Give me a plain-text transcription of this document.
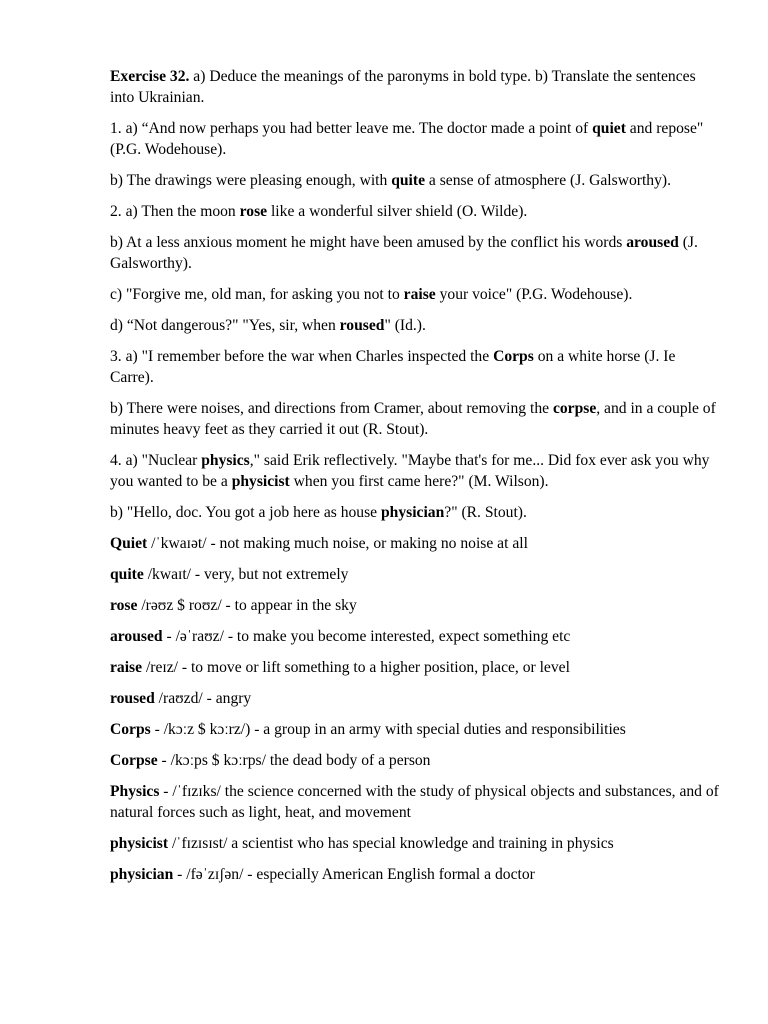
Exercise 32. a) Deduce the meanings of the paronyms in bold type. b) Translate the sentences into Ukrainian.

1. a) “And now perhaps you had better leave me. The doctor made a point of quiet and repose" (P.G. Wodehouse).

b) The drawings were pleasing enough, with quite a sense of atmosphere (J. Galsworthy).

2. a) Then the moon rose like a wonderful silver shield (O. Wilde).

b) At a less anxious moment he might have been amused by the conflict his words aroused (J. Galsworthy).

c) "Forgive me, old man, for asking you not to raise your voice" (P.G. Wodehouse).

d) “Not dangerous?" "Yes, sir, when roused" (Id.).

3. a) "I remember before the war when Charles inspected the Corps on a white horse (J. Ie Carre).

b) There were noises, and directions from Cramer, about removing the corpse, and in a couple of minutes heavy feet as they carried it out (R. Stout).

4. a) "Nuclear physics," said Erik reflectively. "Maybe that's for me... Did fox ever ask you why you wanted to be a physicist when you first came here?" (M. Wilson).

b) "Hello, doc. You got a job here as house physician?" (R. Stout).

Quiet /ˈkwaɪət/ - not making much noise, or making no noise at all

quite /kwaɪt/ - very, but not extremely

rose /rəʊz $ roʊz/ - to appear in the sky

aroused - /əˈraʊz/ - to make you become interested, expect something etc

raise /reɪz/ - to move or lift something to a higher position, place, or level

roused /raʊzd/ - angry

Corps - /kɔːz $ kɔːrz/) - a group in an army with special duties and responsibilities

Corpse - /kɔːps $ kɔːrps/ the dead body of a person

Physics - /ˈfɪzɪks/ the science concerned with the study of physical objects and substances, and of natural forces such as light, heat, and movement

physicist /ˈfɪzɪsɪst/ a scientist who has special knowledge and training in physics

physician - /fəˈzɪʃən/ - especially American English formal a doctor
